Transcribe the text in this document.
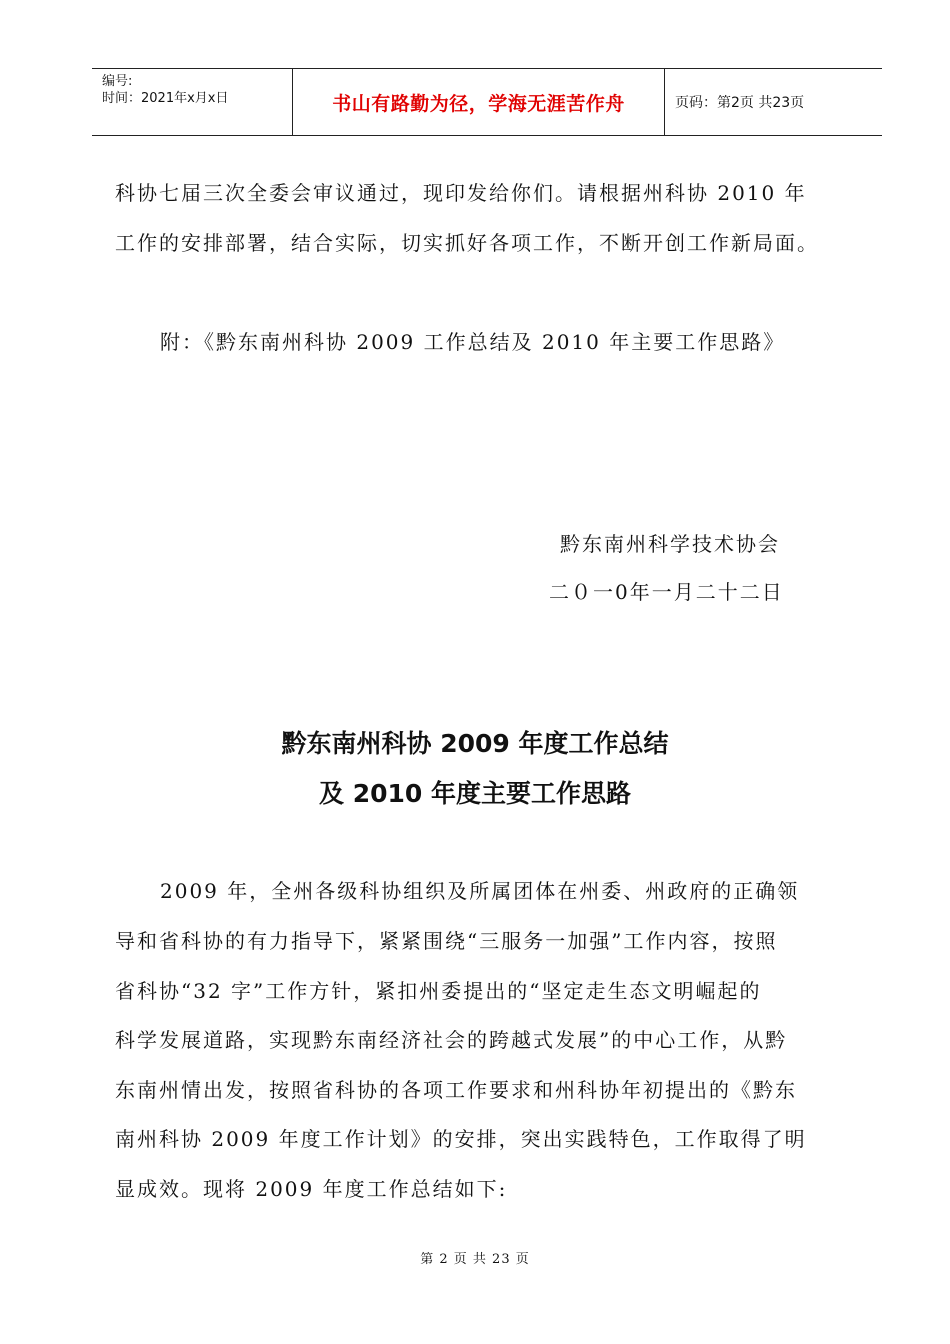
编号:
时间：2021年x月x日	书山有路勤为径，学海无涯苦作舟	页码：第2页 共23页
科协七届三次全委会审议通过，现印发给你们。请根据州科协 2010 年
工作的安排部署，结合实际，切实抓好各项工作，不断开创工作新局面。
附：《黔东南州科协 2009 工作总结及 2010 年主要工作思路》
黔东南州科学技术协会
二０一0年一月二十二日
黔东南州科协 2009 年度工作总结
及 2010 年度主要工作思路
2009 年，全州各级科协组织及所属团体在州委、州政府的正确领
导和省科协的有力指导下，紧紧围绕“三服务一加强”工作内容，按照
省科协“32 字”工作方针，紧扣州委提出的“坚定走生态文明崛起的
科学发展道路，实现黔东南经济社会的跨越式发展”的中心工作，从黔
东南州情出发，按照省科协的各项工作要求和州科协年初提出的《黔东
南州科协 2009 年度工作计划》的安排，突出实践特色，工作取得了明
显成效。现将 2009 年度工作总结如下:
第 2 页 共 23 页
